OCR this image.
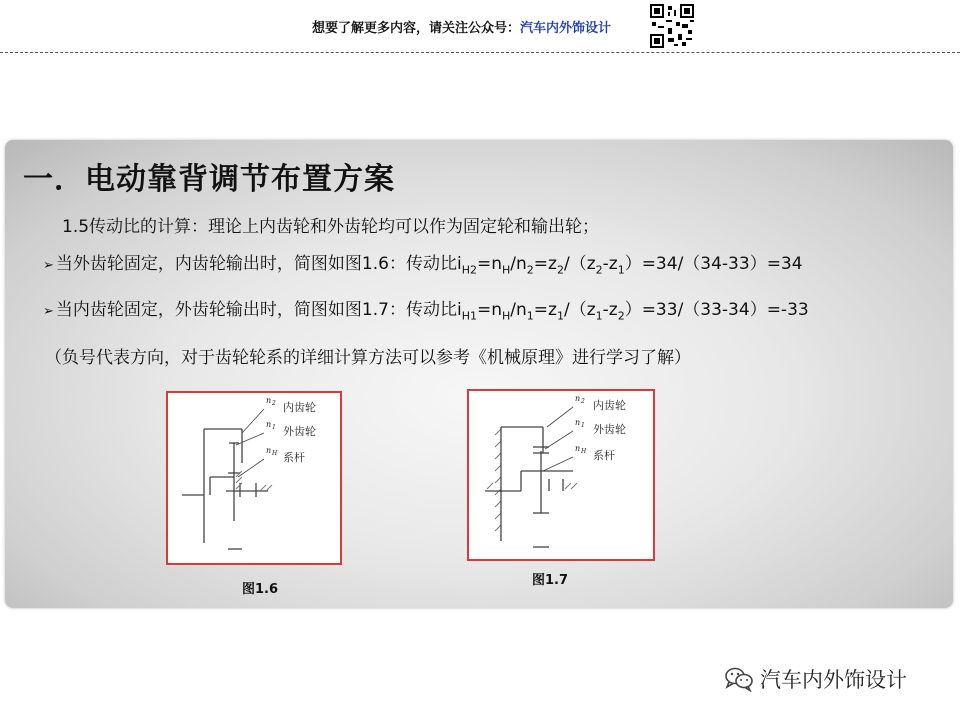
想要了解更多内容，请关注公众号：汽车内外饰设计
一．电动靠背调节布置方案
1.5传动比的计算：理论上内齿轮和外齿轮均可以作为固定轮和输出轮；
➢ 当外齿轮固定，内齿轮输出时，简图如图1.6：传动比$i_{H2}=n_H/n_2=z_2/(z_2-z_1)=34/(34-33)=34$
➢ 当内齿轮固定，外齿轮输出时，简图如图1.7：传动比$i_{H1}=n_H/n_1=z_1/(z_1-z_2)=33/(33-34)=-33$
（负号代表方向，对于齿轮轮系的详细计算方法可以参考《机械原理》进行学习了解）
n 2
n 1
n H
内齿轮
外齿轮
系杆
图1.6
n 2
n 1
n H
内齿轮
外齿轮
系杆
图1.7
汽车内外饰设计
